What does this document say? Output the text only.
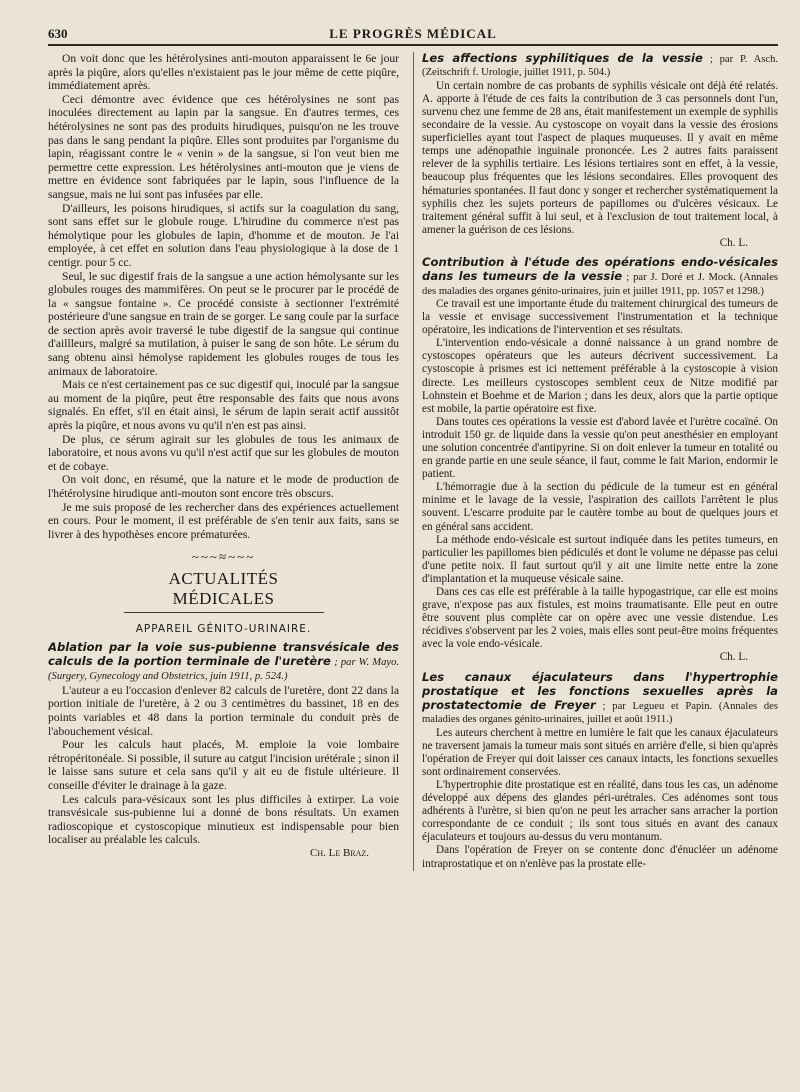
630	LE PROGRÈS MÉDICAL

On voit donc que les hétérolysines anti-mouton apparaissent le 6e jour après la piqûre, alors qu'elles n'existaient pas le jour même de cette piqûre, immédiatement après.

Ceci démontre avec évidence que ces hétérolysines ne sont pas inoculées directement au lapin par la sangsue. En d'autres termes, ces hétérolysines ne sont pas des produits hirudiques, puisqu'on ne les trouve pas dans le sang pendant la piqûre. Elles sont produites par l'organisme du lapin, réagissant contre le « venin » de la sangsue, si l'on veut bien me permettre cette expression. Les hétérolysines anti-mouton que je viens de mettre en évidence sont fabriquées par le lapin, sous l'influence de la sangsue, mais ne lui sont pas infusées par elle.

D'ailleurs, les poisons hirudiques, si actifs sur la coagulation du sang, sont sans effet sur le globule rouge. L'hirudine du commerce n'est pas hémolytique pour les globules de lapin, d'homme et de mouton. Je l'ai employée, à cet effet en solution dans l'eau physiologique à la dose de 1 centigr. pour 5 cc.

Seul, le suc digestif frais de la sangsue a une action hémolysante sur les globules rouges des mammifères. On peut se le procurer par le procédé de la « sangsue fontaine ». Ce procédé consiste à sectionner l'extrémité postérieure d'une sangsue en train de se gorger. Le sang coule par la surface de section après avoir traversé le tube digestif de la sangsue qui continue d'aillleurs, malgré sa mutilation, à puiser le sang de son hôte. Le sérum du sang obtenu ainsi hémolyse rapidement les globules rouges de tous les animaux de laboratoire.

Mais ce n'est certainement pas ce suc digestif qui, inoculé par la sangsue au moment de la piqûre, peut être responsable des faits que nous avons signalés. En effet, s'il en était ainsi, le sérum de lapin serait actif aussitôt après la piqûre, et nous avons vu qu'il n'en est pas ainsi.

De plus, ce sérum agirait sur les globules de tous les animaux de laboratoire, et nous avons vu qu'il n'est actif que sur les globules de mouton et de cobaye.

On voit donc, en résumé, que la nature et le mode de production de l'hétérolysine hirudique anti-mouton sont encore très obscurs.

Je me suis proposé de les rechercher dans des expériences actuellement en cours. Pour le moment, il est préférable de s'en tenir aux faits, sans se livrer à des hypothèses encore prématurées.

~~~≈~~~
ACTUALITÉS MÉDICALES
APPAREIL GÉNITO-URINAIRE.

Ablation par la voie sus-pubienne transvésicale des calculs de la portion terminale de l'uretère ; par W. Mayo. (Surgery, Gynecology and Obstetrics, juin 1911, p. 524.)

L'auteur a eu l'occasion d'enlever 82 calculs de l'uretère, dont 22 dans la portion initiale de l'uretère, à 2 ou 3 centimètres du bassinet, 18 en des points variables et 48 dans la portion terminale du conduit près de l'abouchement vésical.

Pour les calculs haut placés, M. emploie la voie lombaire rétropéritonéale. Si possible, il suture au catgut l'incision urétérale ; sinon il le laisse sans suture et cela sans qu'il y ait eu de fistule ultérieure. Il conseille d'éviter le drainage à la gaze.

Les calculs para-vésicaux sont les plus difficiles à extirper. La voie transvésicale sus-pubienne lui a donné de bons résultats. Un examen radioscopique et cystoscopique minutieux est indispensable pour bien localiser au préalable les calculs.

Ch. Le Braz.

Les affections syphilitiques de la vessie ; par P. Asch. (Zeitschrift f. Urologie, juillet 1911, p. 504.)

Un certain nombre de cas probants de syphilis vésicale ont déjà été relatés. A. apporte à l'étude de ces faits la contribution de 3 cas personnels dont l'un, survenu chez une femme de 28 ans, était manifestement un exemple de syphilis secondaire de la vessie. Au cystoscope on voyait dans la vessie des érosions superficielles ayant tout l'aspect de plaques muqueuses. Il y avait en même temps une adénopathie inguinale prononcée. Les 2 autres faits paraissent relever de la syphilis tertiaire. Les lésions tertiaires sont en effet, à la vessie, beaucoup plus fréquentes que les lésions secondaires. Elles provoquent des hématuries spontanées. Il faut donc y songer et rechercher systématiquement la syphilis chez les sujets porteurs de papillomes ou d'ulcères vésicaux. Le traitement général suffit à lui seul, et à l'exclusion de tout traitement local, à amener la guérison de ces lésions.

Ch. L.

Contribution à l'étude des opérations endo-vésicales dans les tumeurs de la vessie ; par J. Doré et J. Mock. (Annales des maladies des organes génito-urinaires, juin et juillet 1911, pp. 1057 et 1298.)

Ce travail est une importante étude du traitement chirurgical des tumeurs de la vessie et envisage successivement l'instrumentation et la technique opératoire, les indications de l'intervention et ses résultats.

L'intervention endo-vésicale a donné naissance à un grand nombre de cystoscopes opérateurs que les auteurs décrivent successivement. La cystoscopie à prismes est ici nettement préférable à la cystoscopie à vision directe. Les meilleurs cystoscopes semblent ceux de Nitze modifié par Lohnstein et Boehme et de Marion ; dans les deux, alors que la partie optique est mobile, la partie opératoire est fixe.

Dans toutes ces opérations la vessie est d'abord lavée et l'urètre cocaïné. On introduit 150 gr. de liquide dans la vessie qu'on peut anesthésier en employant une solution concentrée d'antipyrine. Si on doit enlever la tumeur en totalité ou en grande partie en une seule séance, il faut, comme le fait Marion, endormir le patient.

L'hémorragie due à la section du pédicule de la tumeur est en général minime et le lavage de la vessie, l'aspiration des caillots l'arrêtent le plus souvent. L'escarre produite par le cautère tombe au bout de quelques jours et en général sans accident.

La méthode endo-vésicale est surtout indiquée dans les petites tumeurs, en particulier les papillomes bien pédiculés et dont le volume ne dépasse pas celui d'une petite noix. Il faut surtout qu'il y ait une limite nette entre la zone d'implantation et la muqueuse vésicale saine.

Dans ces cas elle est préférable à la taille hypogastrique, car elle est moins grave, n'expose pas aux fistules, est moins traumatisante. Elle peut en outre être souvent plus complète car on opère avec une vessie distendue. Les récidives s'observent par les 2 voies, mais elles sont peut-être moins fréquentes avec la voie endo-vésicale.

Ch. L.

Les canaux éjaculateurs dans l'hypertrophie prostatique et les fonctions sexuelles après la prostatectomie de Freyer ; par Legueu et Papin. (Annales des maladies des organes génito-urinaires, juillet et août 1911.)

Les auteurs cherchent à mettre en lumière le fait que les canaux éjaculateurs ne traversent jamais la tumeur mais sont situés en arrière d'elle, si bien qu'après l'opération de Freyer qui doit laisser ces canaux intacts, les fonctions sexuelles sont ordinairement conservées.

L'hypertrophie dite prostatique est en réalité, dans tous les cas, un adénome développé aux dépens des glandes péri-urétrales. Ces adénomes sont tous adhérents à l'urètre, si bien qu'on ne peut les arracher sans arracher la portion correspondante de ce conduit ; ils sont tous situés en avant des canaux éjaculateurs et toujours au-dessus du veru montanum.

Dans l'opération de Freyer on se contente donc d'énucléer un adénome intraprostatique et on n'enlève pas la prostate elle-
